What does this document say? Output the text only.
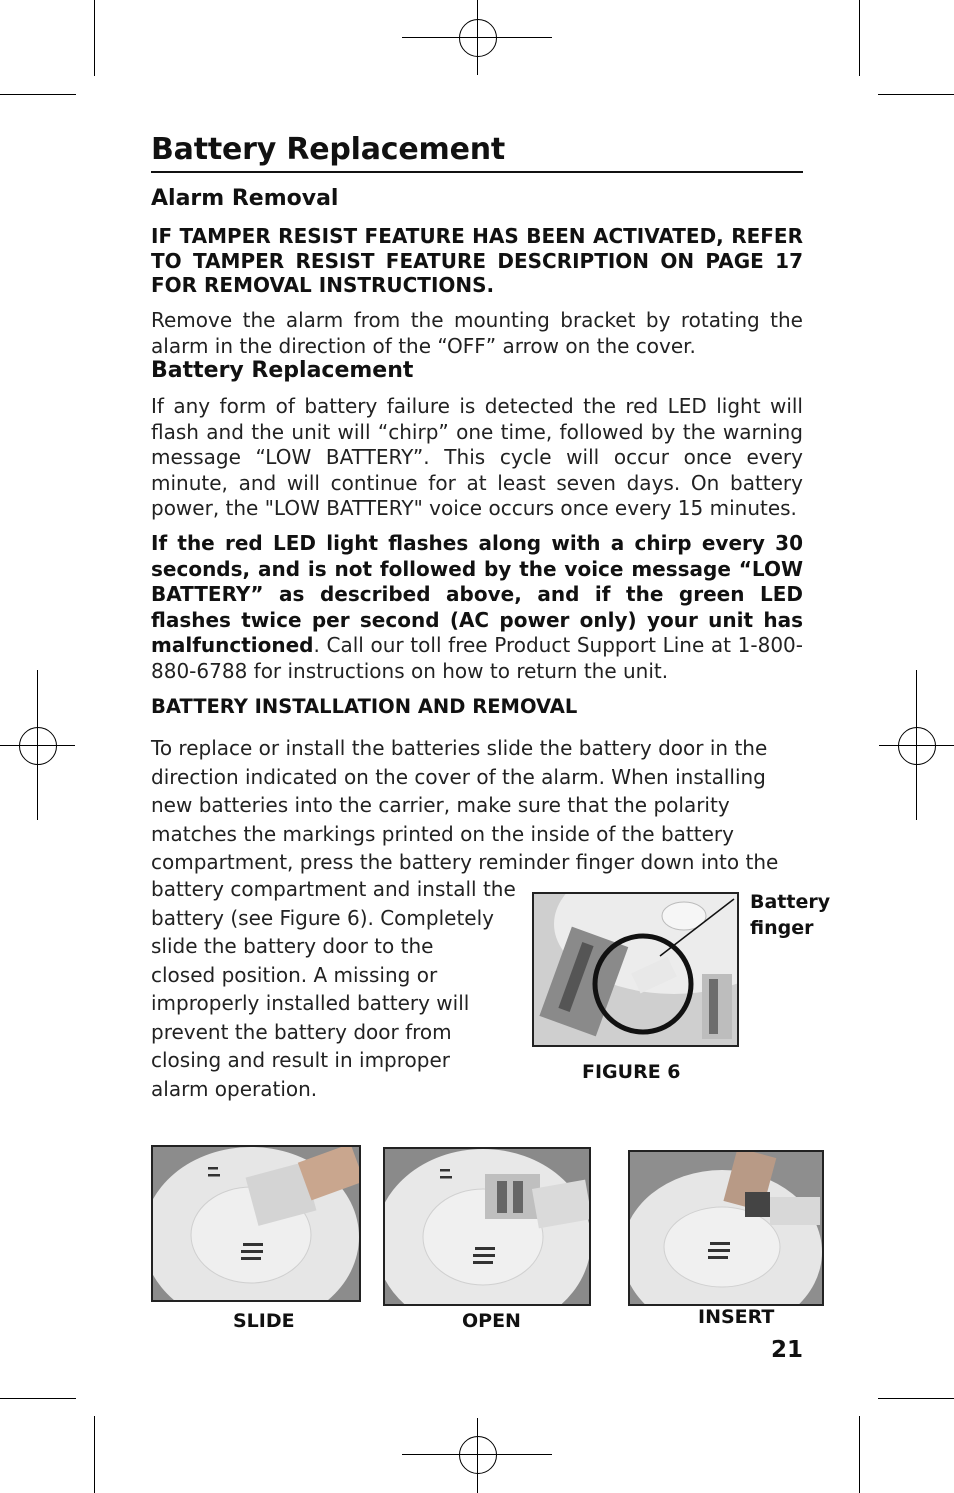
Battery Replacement
Alarm Removal

IF TAMPER RESIST FEATURE HAS BEEN ACTIVATED, REFER TO TAMPER RESIST FEATURE DESCRIPTION ON PAGE 17 FOR REMOVAL INSTRUCTIONS.

Remove the alarm from the mounting bracket by rotating the alarm in the direction of the “OFF” arrow on the cover.

Battery Replacement

If any form of battery failure is detected the red LED light will flash and the unit will “chirp” one time, followed by the warning message “LOW BATTERY”. This cycle will occur once every minute, and will continue for at least seven days. On battery power, the "LOW BATTERY" voice occurs once every 15 minutes.

If the red LED light flashes along with a chirp every 30 seconds, and is not followed by the voice message “LOW BATTERY” as described above, and if the green LED flashes twice per second (AC power only) your unit has malfunctioned. Call our toll free Product Support Line at 1-800-880-6788 for instructions on how to return the unit.

BATTERY INSTALLATION AND REMOVAL
To replace or install the batteries slide the battery door in the
direction indicated on the cover of the alarm. When installing
new batteries into the carrier, make sure that the polarity
matches the markings printed on the inside of the battery
compartment, press the battery reminder finger down into the
battery compartment and install the
battery (see Figure 6). Completely
slide the battery door to the
closed position. A missing or
improperly installed battery will
prevent the battery door from
closing and result in improper
alarm operation.
Battery
finger
FIGURE 6
SLIDE	OPEN	INSERT
21
